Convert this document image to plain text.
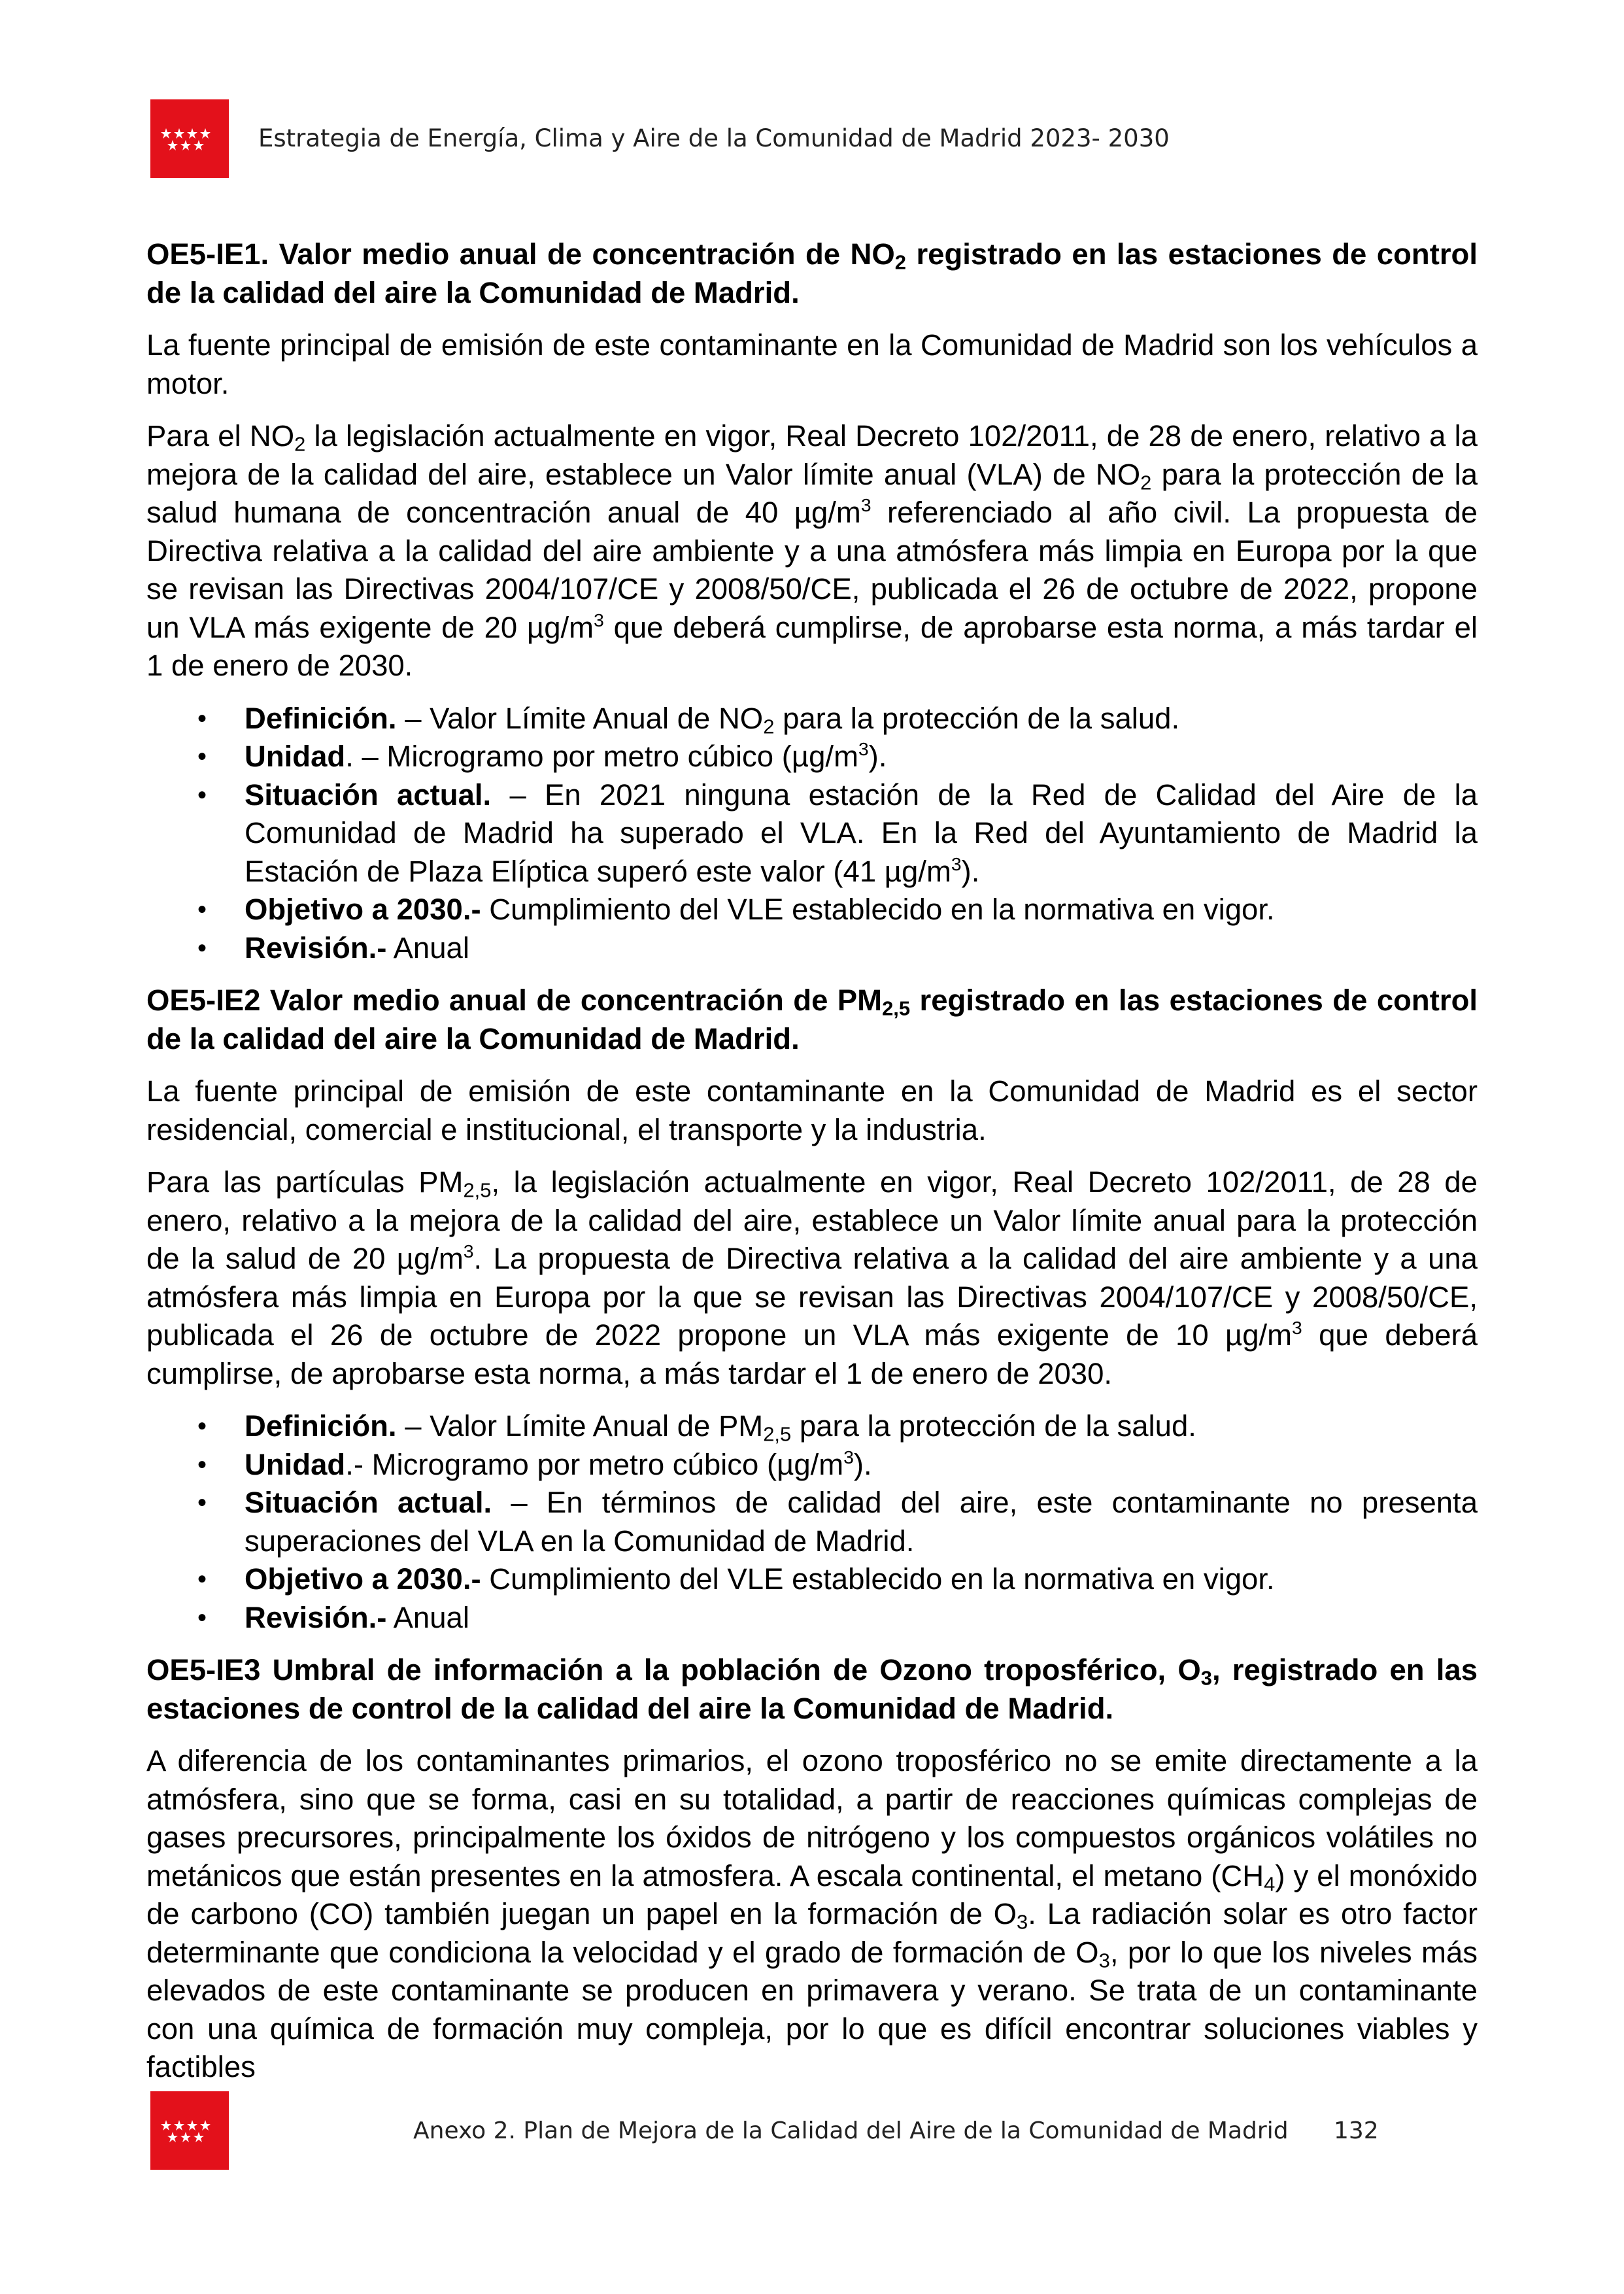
Estrategia de Energía, Clima y Aire de la Comunidad de Madrid 2023- 2030
OE5-IE1. Valor medio anual de concentración de $NO_2$ registrado en las estaciones de control de la calidad del aire la Comunidad de Madrid.

La fuente principal de emisión de este contaminante en la Comunidad de Madrid son los vehículos a motor.

Para el $NO_2$ la legislación actualmente en vigor, Real Decreto 102/2011, de 28 de enero, relativo a la mejora de la calidad del aire, establece un Valor límite anual (VLA) de $NO_2$ para la protección de la salud humana de concentración anual de 40 $\mu g/m^3$ referenciado al año civil. La propuesta de Directiva relativa a la calidad del aire ambiente y a una atmósfera más limpia en Europa por la que se revisan las Directivas 2004/107/CE y 2008/50/CE, publicada el 26 de octubre de 2022, propone un VLA más exigente de 20 $\mu g/m^3$ que deberá cumplirse, de aprobarse esta norma, a más tardar el 1 de enero de 2030.

• Definición. – Valor Límite Anual de $NO_2$ para la protección de la salud.
• Unidad. – Microgramo por metro cúbico $(\mu g/m^3)$.
• Situación actual. – En 2021 ninguna estación de la Red de Calidad del Aire de la Comunidad de Madrid ha superado el VLA. En la Red del Ayuntamiento de Madrid la Estación de Plaza Elíptica superó este valor (41 $\mu g/m^3$).
• Objetivo a 2030.- Cumplimiento del VLE establecido en la normativa en vigor.
• Revisión.- Anual
OE5-IE2 Valor medio anual de concentración de $PM_{2,5}$ registrado en las estaciones de control de la calidad del aire la Comunidad de Madrid.

La fuente principal de emisión de este contaminante en la Comunidad de Madrid es el sector residencial, comercial e institucional, el transporte y la industria.

Para las partículas $PM_{2,5}$, la legislación actualmente en vigor, Real Decreto 102/2011, de 28 de enero, relativo a la mejora de la calidad del aire, establece un Valor límite anual para la protección de la salud de 20 $\mu g/m^3$. La propuesta de Directiva relativa a la calidad del aire ambiente y a una atmósfera más limpia en Europa por la que se revisan las Directivas 2004/107/CE y 2008/50/CE, publicada el 26 de octubre de 2022 propone un VLA más exigente de 10 $\mu g/m^3$ que deberá cumplirse, de aprobarse esta norma, a más tardar el 1 de enero de 2030.

• Definición. – Valor Límite Anual de $PM_{2,5}$ para la protección de la salud.
• Unidad.- Microgramo por metro cúbico $(\mu g/m^3)$.
• Situación actual. – En términos de calidad del aire, este contaminante no presenta superaciones del VLA en la Comunidad de Madrid.
• Objetivo a 2030.- Cumplimiento del VLE establecido en la normativa en vigor.
• Revisión.- Anual
OE5-IE3 Umbral de información a la población de Ozono troposférico, $O_3$, registrado en las estaciones de control de la calidad del aire la Comunidad de Madrid.

A diferencia de los contaminantes primarios, el ozono troposférico no se emite directamente a la atmósfera, sino que se forma, casi en su totalidad, a partir de reacciones químicas complejas de gases precursores, principalmente los óxidos de nitrógeno y los compuestos orgánicos volátiles no metánicos que están presentes en la atmosfera. A escala continental, el metano $(CH_4)$ y el monóxido de carbono (CO) también juegan un papel en la formación de $O_3$. La radiación solar es otro factor determinante que condiciona la velocidad y el grado de formación de $O_3$, por lo que los niveles más elevados de este contaminante se producen en primavera y verano. Se trata de un contaminante con una química de formación muy compleja, por lo que es difícil encontrar soluciones viables y factibles

Anexo 2. Plan de Mejora de la Calidad del Aire de la Comunidad de Madrid 132
